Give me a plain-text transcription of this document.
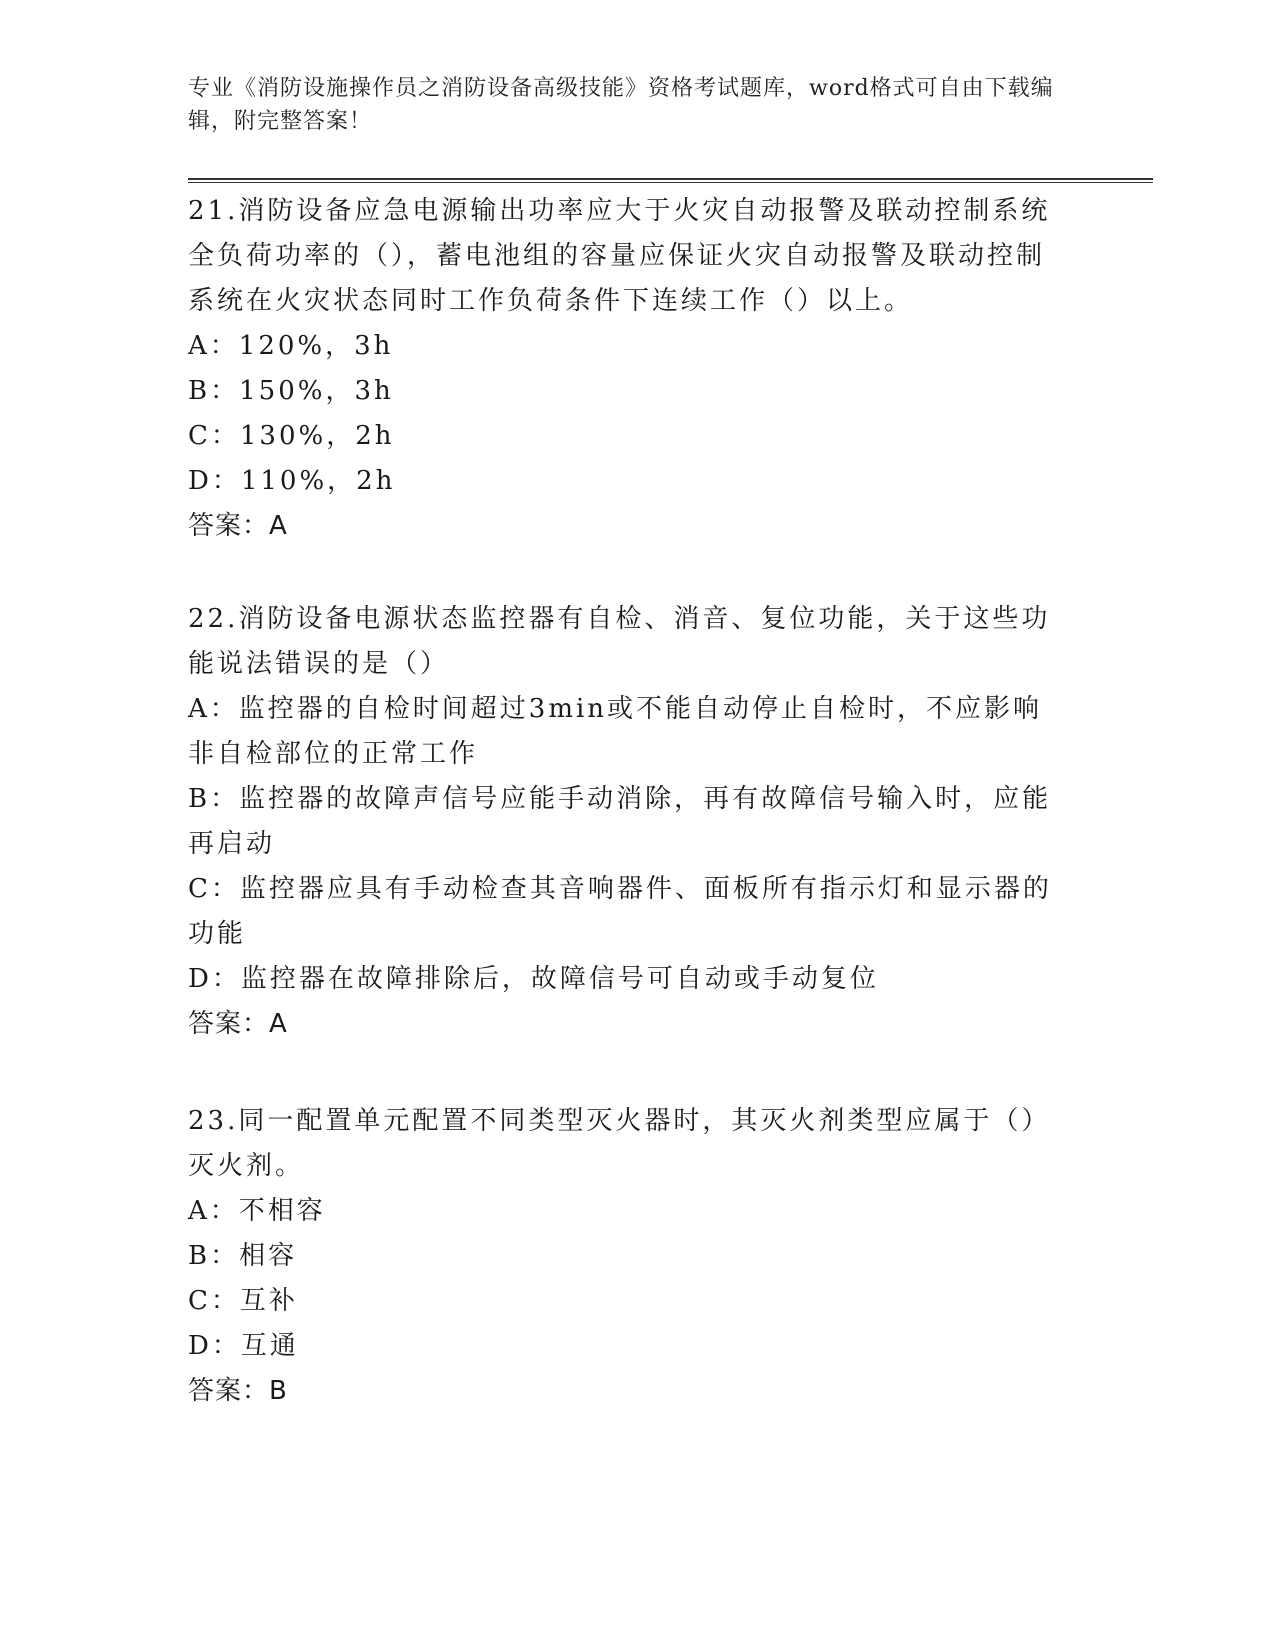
专业《消防设施操作员之消防设备高级技能》资格考试题库，word格式可自由下载编辑，附完整答案！

21.消防设备应急电源输出功率应大于火灾自动报警及联动控制系统全负荷功率的（），蓄电池组的容量应保证火灾自动报警及联动控制系统在火灾状态同时工作负荷条件下连续工作（）以上。

A：120%，3h

B：150%，3h

C：130%，2h

D：110%，2h

答案：A

22.消防设备电源状态监控器有自检、消音、复位功能，关于这些功能说法错误的是（）

A：监控器的自检时间超过3min或不能自动停止自检时，不应影响非自检部位的正常工作

B：监控器的故障声信号应能手动消除，再有故障信号输入时，应能再启动

C：监控器应具有手动检查其音响器件、面板所有指示灯和显示器的功能

D：监控器在故障排除后，故障信号可自动或手动复位

答案：A

23.同一配置单元配置不同类型灭火器时，其灭火剂类型应属于（）灭火剂。

A：不相容

B：相容

C：互补

D：互通

答案：B
